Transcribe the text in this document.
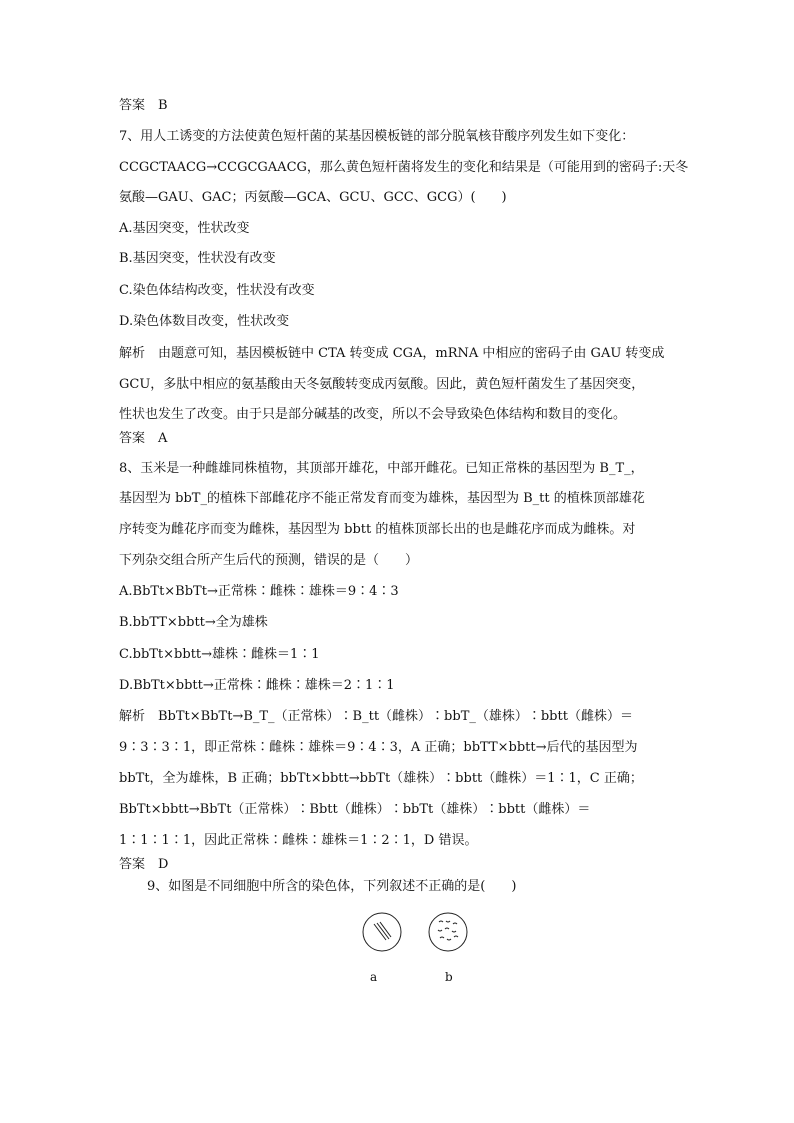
答案　B
7、用人工诱变的方法使黄色短杆菌的某基因模板链的部分脱氧核苷酸序列发生如下变化：
CCGCTAACG→CCGCGAACG，那么黄色短杆菌将发生的变化和结果是（可能用到的密码子:天冬
氨酸—GAU、GAC；丙氨酸—GCA、GCU、GCC、GCG）(　　)
A.基因突变，性状改变
B.基因突变，性状没有改变
C.染色体结构改变，性状没有改变
D.染色体数目改变，性状改变
解析　由题意可知，基因模板链中 CTA 转变成 CGA，mRNA 中相应的密码子由 GAU 转变成
GCU，多肽中相应的氨基酸由天冬氨酸转变成丙氨酸。因此，黄色短杆菌发生了基因突变，
性状也发生了改变。由于只是部分碱基的改变，所以不会导致染色体结构和数目的变化。
答案　A
8、玉米是一种雌雄同株植物，其顶部开雄花，中部开雌花。已知正常株的基因型为 B_T_，
基因型为 bbT_的植株下部雌花序不能正常发育而变为雄株，基因型为 B_tt 的植株顶部雄花
序转变为雌花序而变为雌株，基因型为 bbtt 的植株顶部长出的也是雌花序而成为雌株。对
下列杂交组合所产生后代的预测，错误的是（　　）
A.BbTt×BbTt→正常株∶雌株∶雄株＝9∶4∶3
B.bbTT×bbtt→全为雄株
C.bbTt×bbtt→雄株∶雌株＝1∶1
D.BbTt×bbtt→正常株∶雌株∶雄株＝2∶1∶1
解析　BbTt×BbTt→B_T_（正常株）∶B_tt（雌株）∶bbT_（雄株）∶bbtt（雌株）＝
9∶3∶3∶1，即正常株∶雌株∶雄株＝9∶4∶3，A 正确；bbTT×bbtt→后代的基因型为
bbTt，全为雄株，B 正确；bbTt×bbtt→bbTt（雄株）∶bbtt（雌株）＝1∶1，C 正确；
BbTt×bbtt→BbTt（正常株）∶Bbtt（雌株）∶bbTt（雄株）∶bbtt（雌株）＝
1∶1∶1∶1，因此正常株∶雌株∶雄株＝1∶2∶1，D 错误。
答案　D
9、如图是不同细胞中所含的染色体，下列叙述不正确的是(　　)
a	b
